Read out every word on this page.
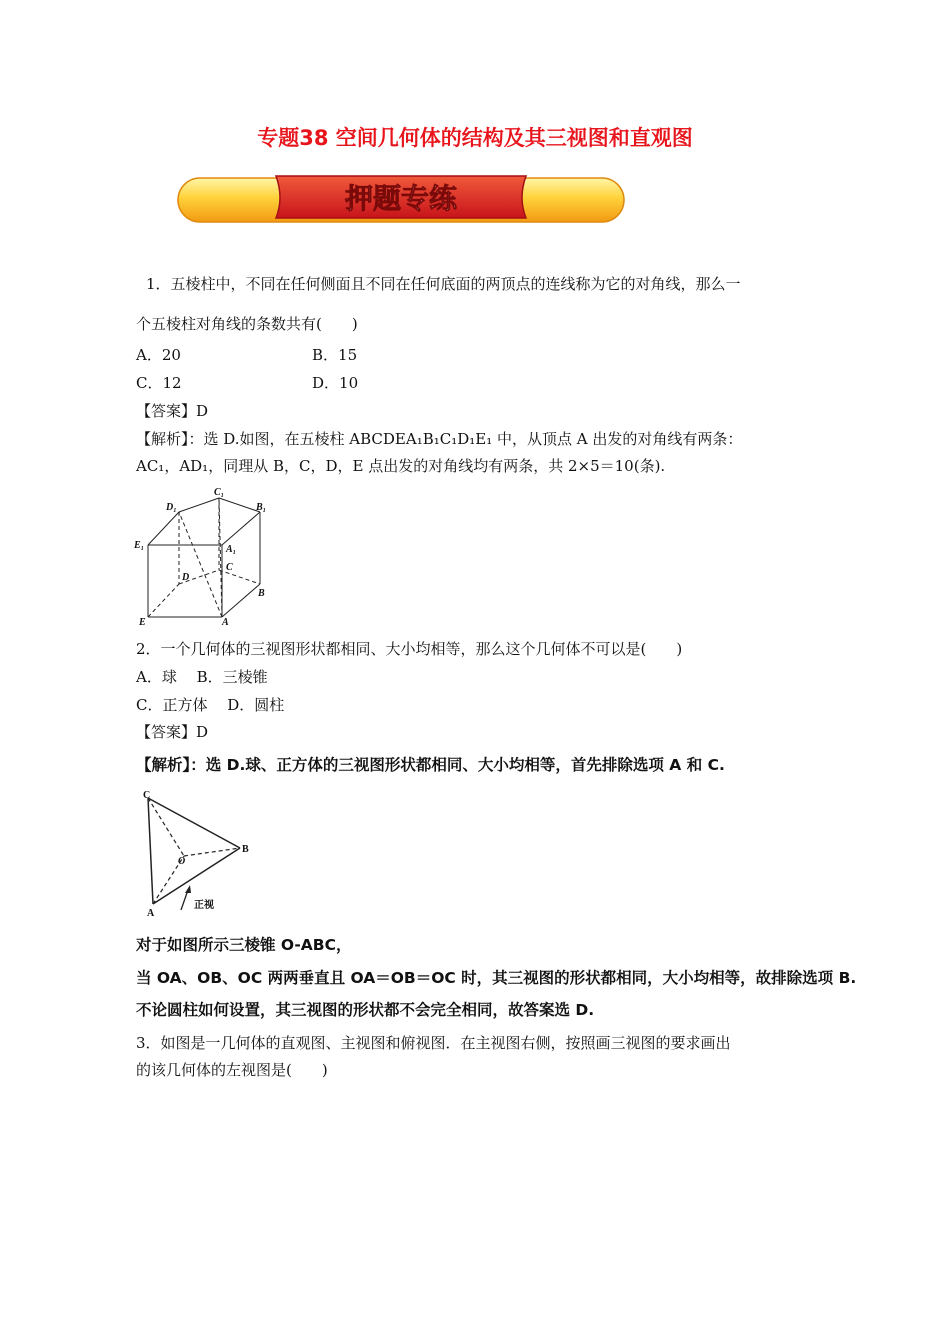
专题38 空间几何体的结构及其三视图和直观图
押题专练
1．五棱柱中，不同在任何侧面且不同在任何底面的两顶点的连线称为它的对角线，那么一
个五棱柱对角线的条数共有(　　)
A．20	B．15
C．12	D．10
【答案】D
【解析】：选 D.如图，在五棱柱 ABCDEA₁B₁C₁D₁E₁ 中，从顶点 A 出发的对角线有两条：
AC₁，AD₁，同理从 B，C，D，E 点出发的对角线均有两条，共 2×5＝10(条).
D₁
C₁
B₁
E₁	A₁
C
D
B
E	A
2．一个几何体的三视图形状都相同、大小均相等，那么这个几何体不可以是(　　)
A．球　 B．三棱锥
C．正方体　 D．圆柱
【答案】D
【解析】：选 D.球、正方体的三视图形状都相同、大小均相等，首先排除选项 A 和 C.
C
B
O
A
正视
对于如图所示三棱锥 O-ABC，
当 OA、OB、OC 两两垂直且 OA＝OB＝OC 时，其三视图的形状都相同，大小均相等，故排除选项 B.
不论圆柱如何设置，其三视图的形状都不会完全相同，故答案选 D.
3．如图是一几何体的直观图、主视图和俯视图．在主视图右侧，按照画三视图的要求画出
的该几何体的左视图是(　　)
